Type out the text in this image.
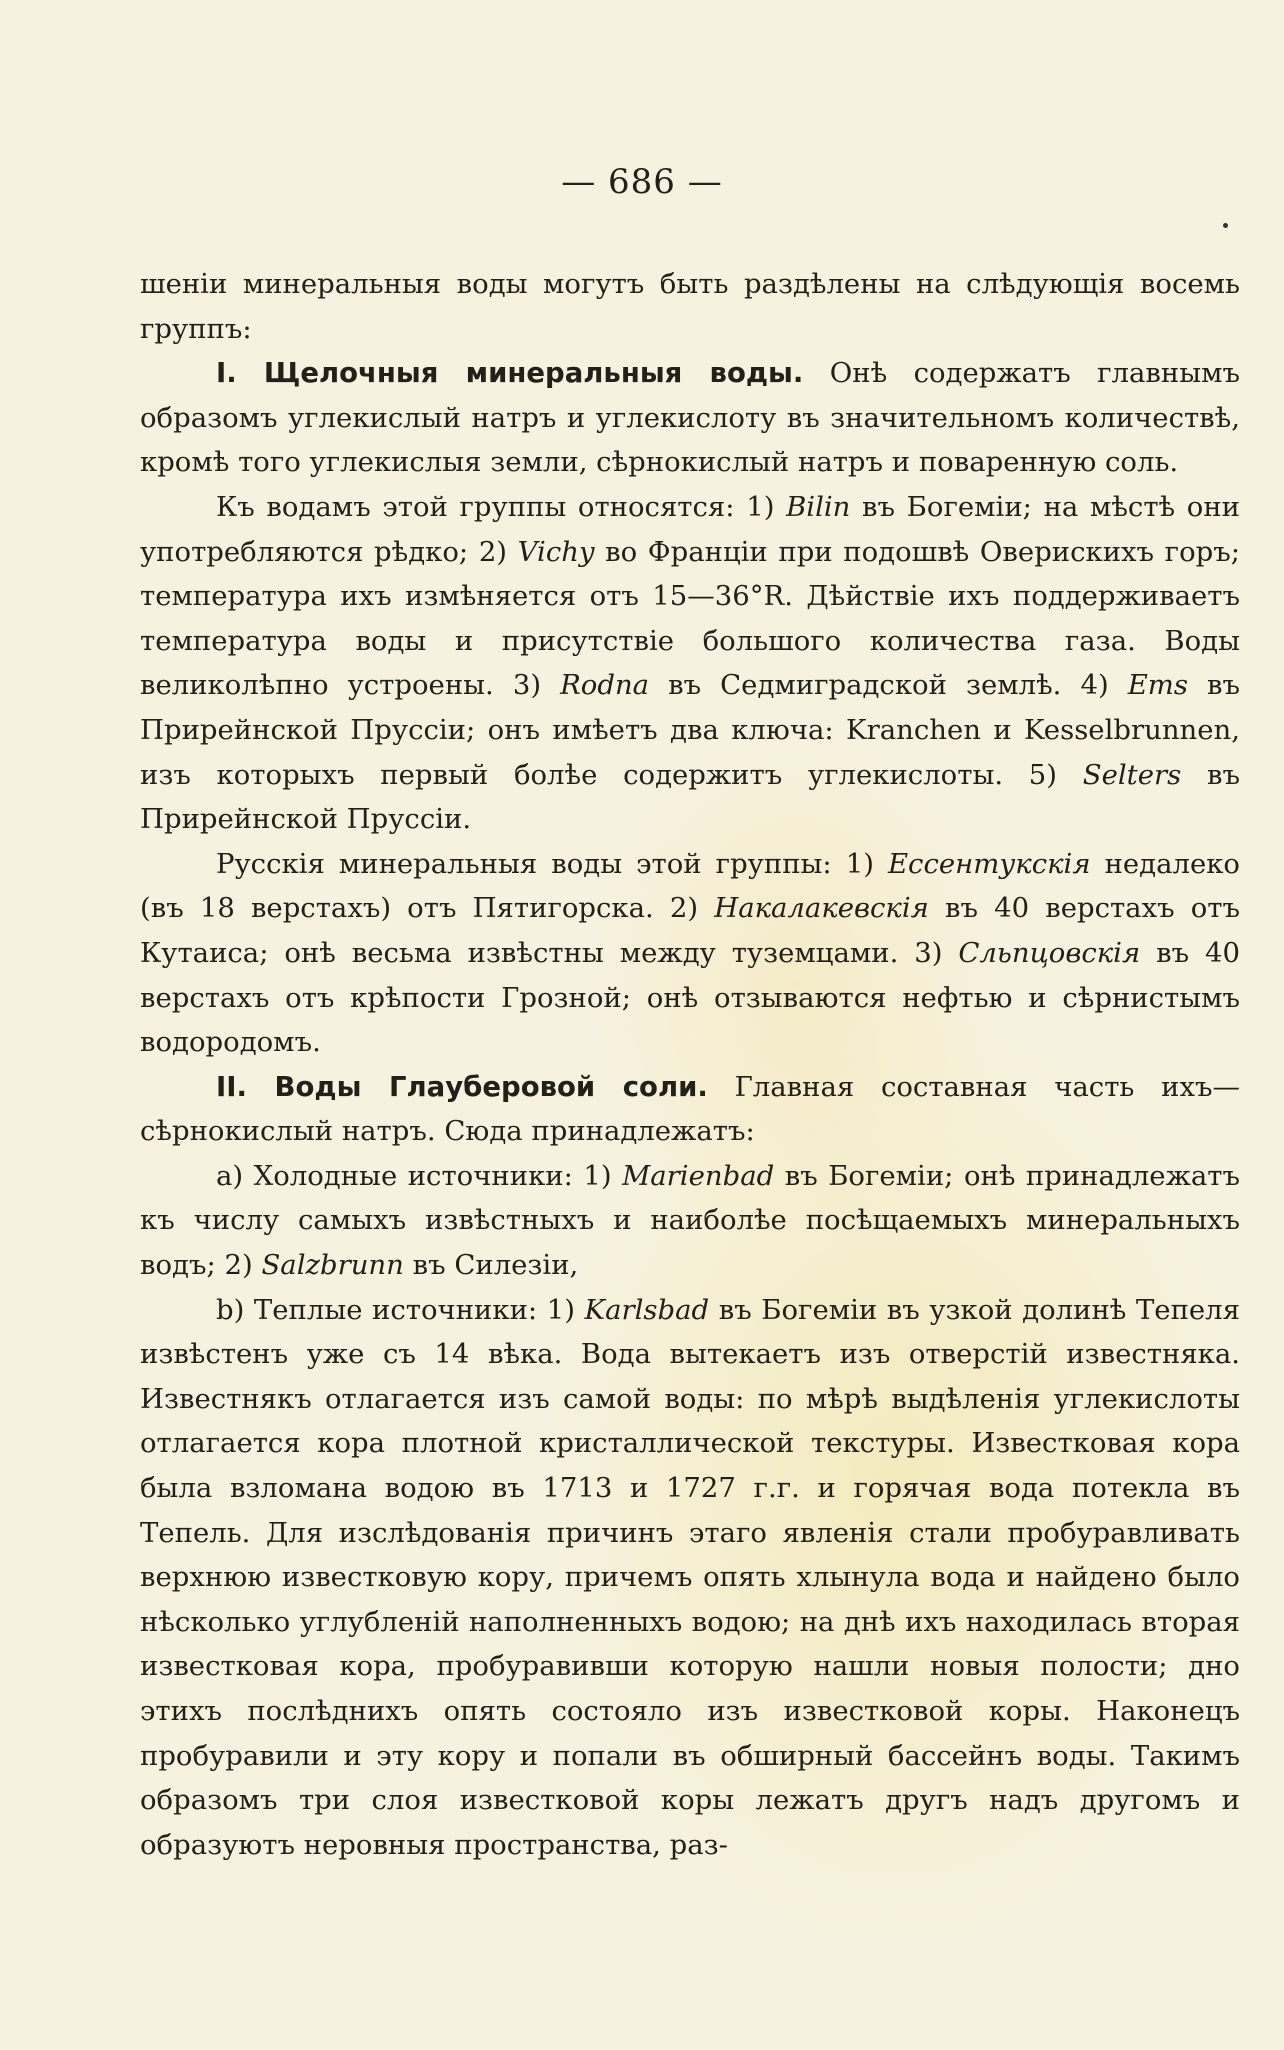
— 686 —

шеніи минеральныя воды могутъ быть раздѣлены на слѣдующія восемь группъ:

I. Щелочныя минеральныя воды. Онѣ содержатъ главнымъ образомъ углекислый натръ и углекислоту въ значительномъ количествѣ, кромѣ того углекислыя земли, сѣрнокислый натръ и поваренную соль.

Къ водамъ этой группы относятся: 1) Bilin въ Богеміи; на мѣстѣ они употребляются рѣдко; 2) Vichy во Франціи при подошвѣ Оверискихъ горъ; температура ихъ измѣняется отъ 15—36°R. Дѣйствіе ихъ поддерживаетъ температура воды и присутствіе большого количества газа. Воды великолѣпно устроены. 3) Rodna въ Седмиградской землѣ. 4) Ems въ Прирейнской Пруссіи; онъ имѣетъ два ключа: Kranchen и Kesselbrunnen, изъ которыхъ первый болѣе содержитъ углекислоты. 5) Selters въ Прирейнской Пруссіи.

Русскія минеральныя воды этой группы: 1) Ессентукскія недалеко (въ 18 верстахъ) отъ Пятигорска. 2) Накалакевскія въ 40 верстахъ отъ Кутаиса; онѣ весьма извѣстны между туземцами. 3) Сльпцовскія въ 40 верстахъ отъ крѣпости Грозной; онѣ отзываются нефтью и сѣрнистымъ водородомъ.

II. Воды Глауберовой соли. Главная составная часть ихъ—сѣрнокислый натръ. Сюда принадлежатъ:

a) Холодные источники: 1) Marienbad въ Богеміи; онѣ принадлежатъ къ числу самыхъ извѣстныхъ и наиболѣе посѣщаемыхъ минеральныхъ водъ; 2) Salzbrunn въ Силезіи,

b) Теплые источники: 1) Karlsbad въ Богеміи въ узкой долинѣ Тепеля извѣстенъ уже съ 14 вѣка. Вода вытекаетъ изъ отверстій известняка. Известнякъ отлагается изъ самой воды: по мѣрѣ выдѣленія углекислоты отлагается кора плотной кристаллической текстуры. Известковая кора была взломана водою въ 1713 и 1727 г.г. и горячая вода потекла въ Тепель. Для изслѣдованія причинъ этаго явленія стали пробуравливать верхнюю известковую кору, причемъ опять хлынула вода и найдено было нѣсколько углубленій наполненныхъ водою; на днѣ ихъ находилась вторая известковая кора, пробуравивши которую нашли новыя полости; дно этихъ послѣднихъ опять состояло изъ известковой коры. Наконецъ пробуравили и эту кору и попали въ обширный бассейнъ воды. Такимъ образомъ три слоя известковой коры лежатъ другъ надъ другомъ и образуютъ неровныя пространства, раз-
